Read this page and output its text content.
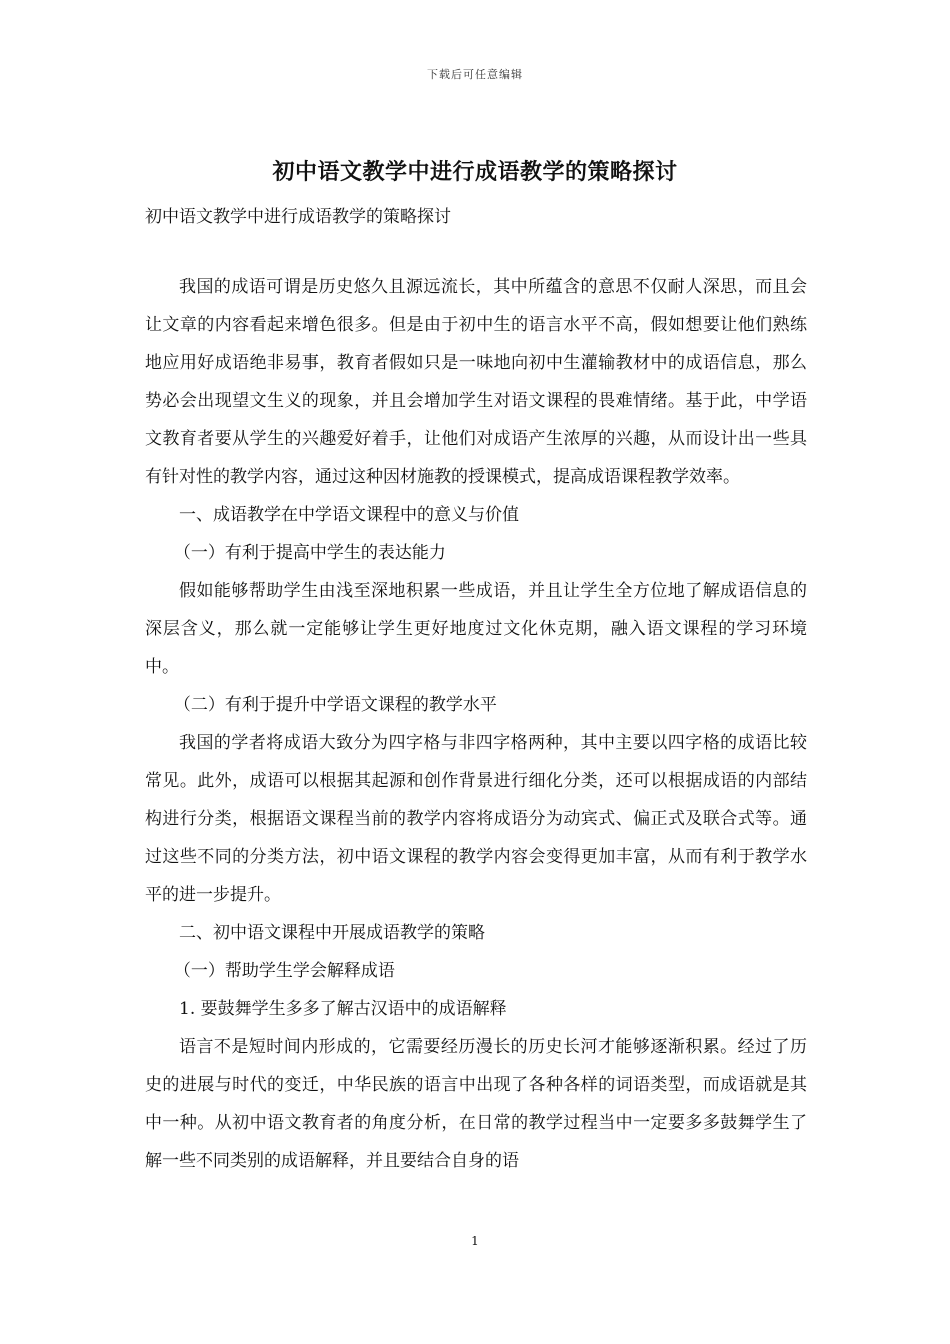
下载后可任意编辑
初中语文教学中进行成语教学的策略探讨
初中语文教学中进行成语教学的策略探讨

我国的成语可谓是历史悠久且源远流长，其中所蕴含的意思不仅耐人深思，而且会让文章的内容看起来增色很多。但是由于初中生的语言水平不高，假如想要让他们熟练地应用好成语绝非易事，教育者假如只是一味地向初中生灌输教材中的成语信息，那么势必会出现望文生义的现象，并且会增加学生对语文课程的畏难情绪。基于此，中学语文教育者要从学生的兴趣爱好着手，让他们对成语产生浓厚的兴趣，从而设计出一些具有针对性的教学内容，通过这种因材施教的授课模式，提高成语课程教学效率。

一、成语教学在中学语文课程中的意义与价值

（一）有利于提高中学生的表达能力

假如能够帮助学生由浅至深地积累一些成语，并且让学生全方位地了解成语信息的深层含义，那么就一定能够让学生更好地度过文化休克期，融入语文课程的学习环境中。

（二）有利于提升中学语文课程的教学水平

我国的学者将成语大致分为四字格与非四字格两种，其中主要以四字格的成语比较常见。此外，成语可以根据其起源和创作背景进行细化分类，还可以根据成语的内部结构进行分类，根据语文课程当前的教学内容将成语分为动宾式、偏正式及联合式等。通过这些不同的分类方法，初中语文课程的教学内容会变得更加丰富，从而有利于教学水平的进一步提升。

二、初中语文课程中开展成语教学的策略

（一）帮助学生学会解释成语

1. 要鼓舞学生多多了解古汉语中的成语解释

语言不是短时间内形成的，它需要经历漫长的历史长河才能够逐渐积累。经过了历史的进展与时代的变迁，中华民族的语言中出现了各种各样的词语类型，而成语就是其中一种。从初中语文教育者的角度分析，在日常的教学过程当中一定要多多鼓舞学生了解一些不同类别的成语解释，并且要结合自身的语

1
